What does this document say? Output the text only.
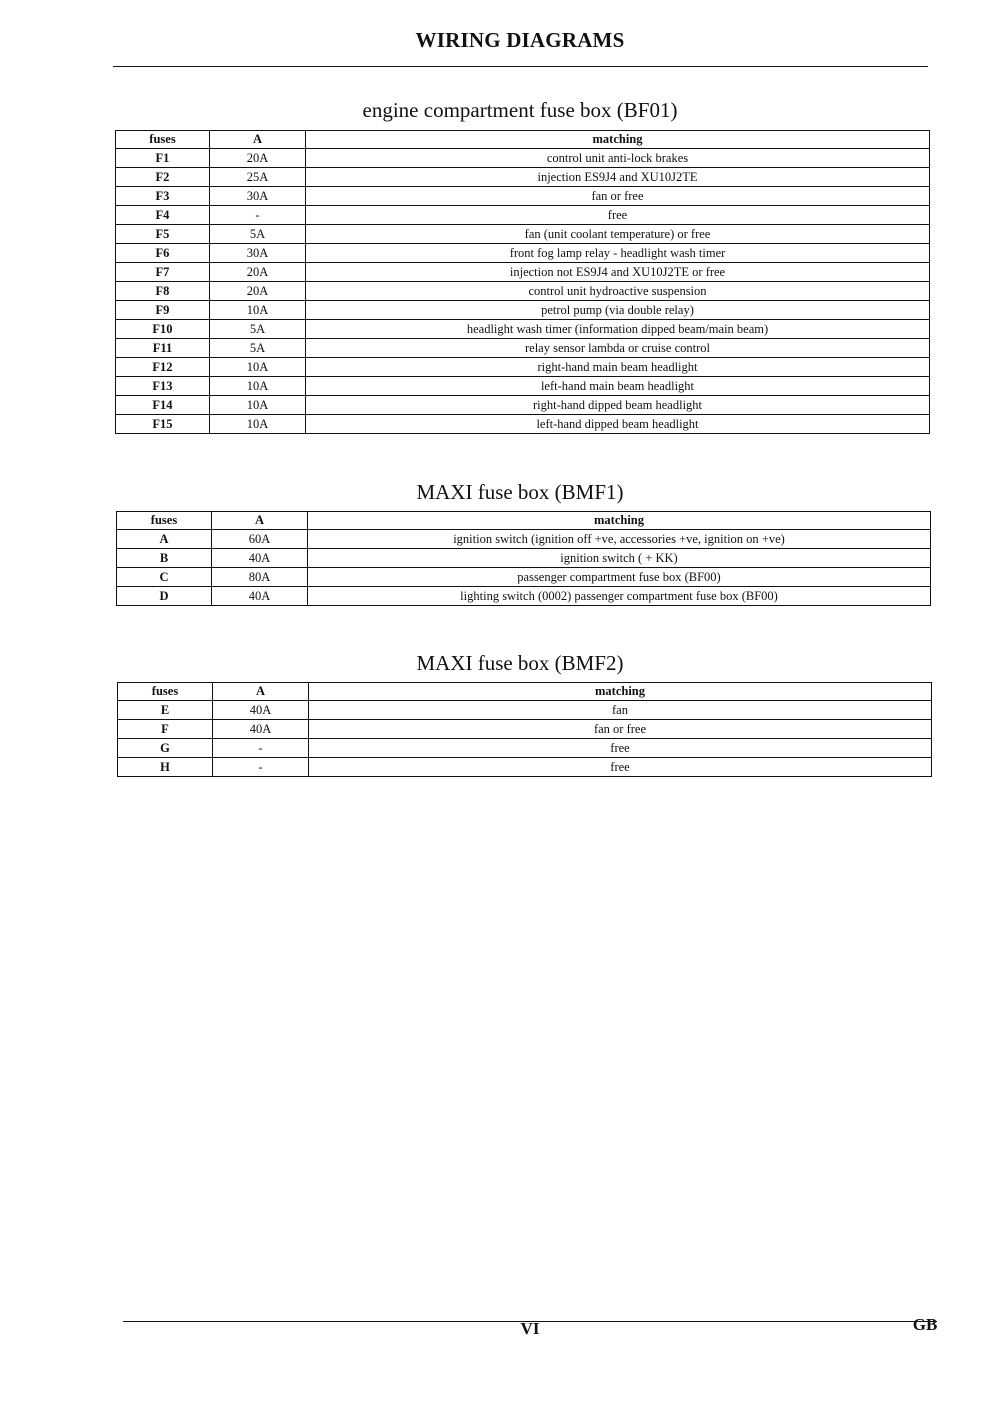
WIRING DIAGRAMS
engine compartment fuse box (BF01)
fuses	A	matching
F1	20A	control unit anti-lock brakes
F2	25A	injection ES9J4 and XU10J2TE
F3	30A	fan or free
F4	-	free
F5	5A	fan (unit coolant temperature) or free
F6	30A	front fog lamp relay - headlight wash timer
F7	20A	injection not ES9J4 and XU10J2TE or free
F8	20A	control unit hydroactive suspension
F9	10A	petrol pump (via double relay)
F10	5A	headlight wash timer (information dipped beam/main beam)
F11	5A	relay sensor lambda or cruise control
F12	10A	right-hand main beam headlight
F13	10A	left-hand main beam headlight
F14	10A	right-hand dipped beam headlight
F15	10A	left-hand dipped beam headlight
MAXI fuse box (BMF1)
fuses	A	matching
A	60A	ignition switch (ignition off +ve, accessories +ve, ignition on +ve)
B	40A	ignition switch ( + KK)
C	80A	passenger compartment fuse box (BF00)
D	40A	lighting switch (0002) passenger compartment fuse box (BF00)
MAXI fuse box (BMF2)
fuses	A	matching
E	40A	fan
F	40A	fan or free
G	-	free
H	-	free
VI	GB
